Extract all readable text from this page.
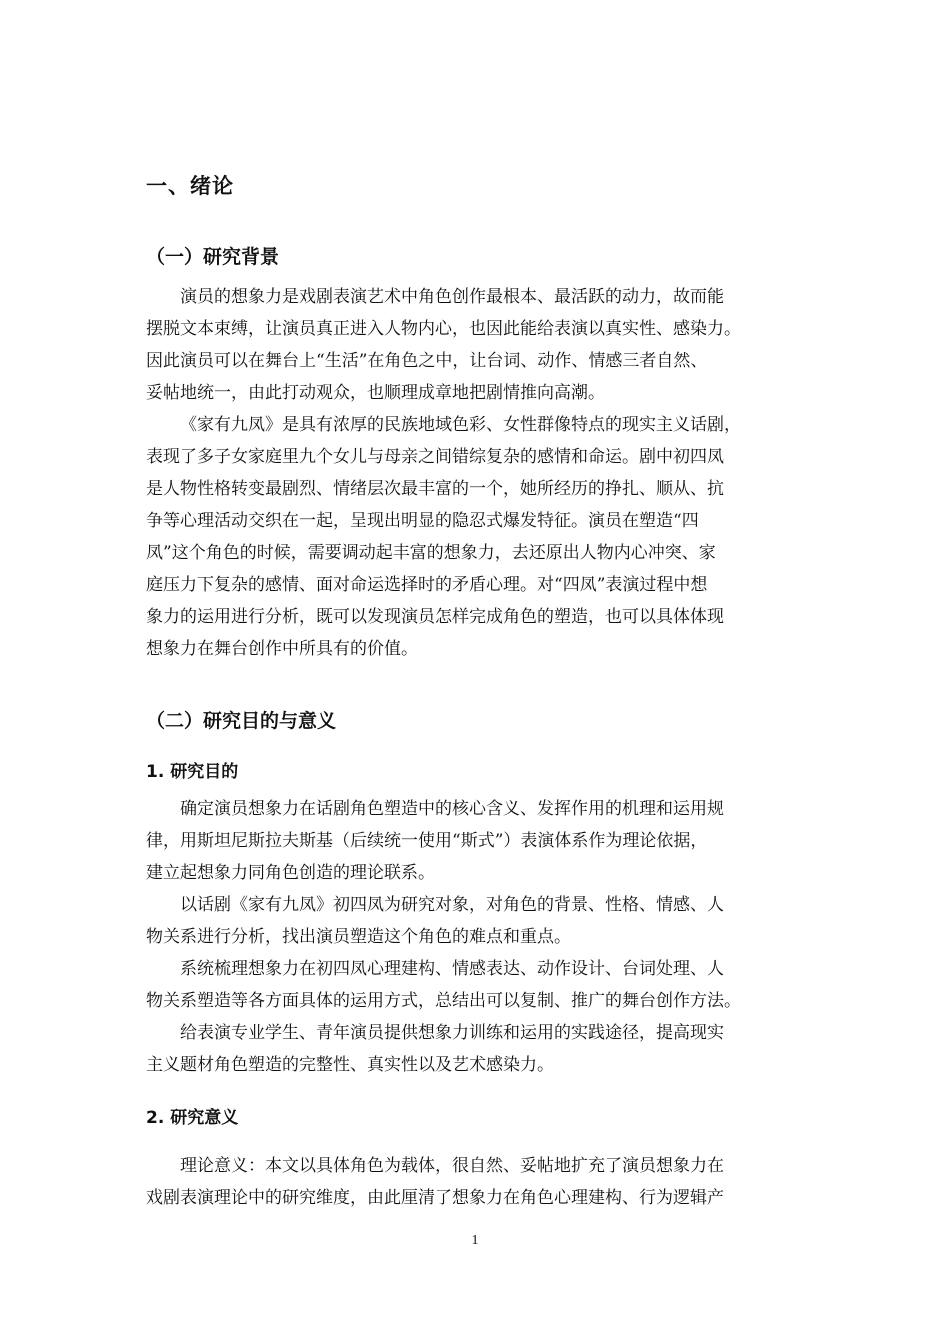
一、绪论
（一）研究背景
演员的想象力是戏剧表演艺术中角色创作最根本、最活跃的动力，故而能
摆脱文本束缚，让演员真正进入人物内心，也因此能给表演以真实性、感染力。
因此演员可以在舞台上“生活”在角色之中，让台词、动作、情感三者自然、
妥帖地统一，由此打动观众，也顺理成章地把剧情推向高潮。
《家有九凤》是具有浓厚的民族地域色彩、女性群像特点的现实主义话剧，
表现了多子女家庭里九个女儿与母亲之间错综复杂的感情和命运。剧中初四凤
是人物性格转变最剧烈、情绪层次最丰富的一个，她所经历的挣扎、顺从、抗
争等心理活动交织在一起，呈现出明显的隐忍式爆发特征。演员在塑造“四
凤”这个角色的时候，需要调动起丰富的想象力，去还原出人物内心冲突、家
庭压力下复杂的感情、面对命运选择时的矛盾心理。对“四凤”表演过程中想
象力的运用进行分析，既可以发现演员怎样完成角色的塑造，也可以具体体现
想象力在舞台创作中所具有的价值。
（二）研究目的与意义
1. 研究目的
确定演员想象力在话剧角色塑造中的核心含义、发挥作用的机理和运用规
律，用斯坦尼斯拉夫斯基（后续统一使用“斯式”）表演体系作为理论依据，
建立起想象力同角色创造的理论联系。
以话剧《家有九凤》初四凤为研究对象，对角色的背景、性格、情感、人
物关系进行分析，找出演员塑造这个角色的难点和重点。
系统梳理想象力在初四凤心理建构、情感表达、动作设计、台词处理、人
物关系塑造等各方面具体的运用方式，总结出可以复制、推广的舞台创作方法。
给表演专业学生、青年演员提供想象力训练和运用的实践途径，提高现实
主义题材角色塑造的完整性、真实性以及艺术感染力。
2. 研究意义
理论意义：本文以具体角色为载体，很自然、妥帖地扩充了演员想象力在
戏剧表演理论中的研究维度，由此厘清了想象力在角色心理建构、行为逻辑产
1
